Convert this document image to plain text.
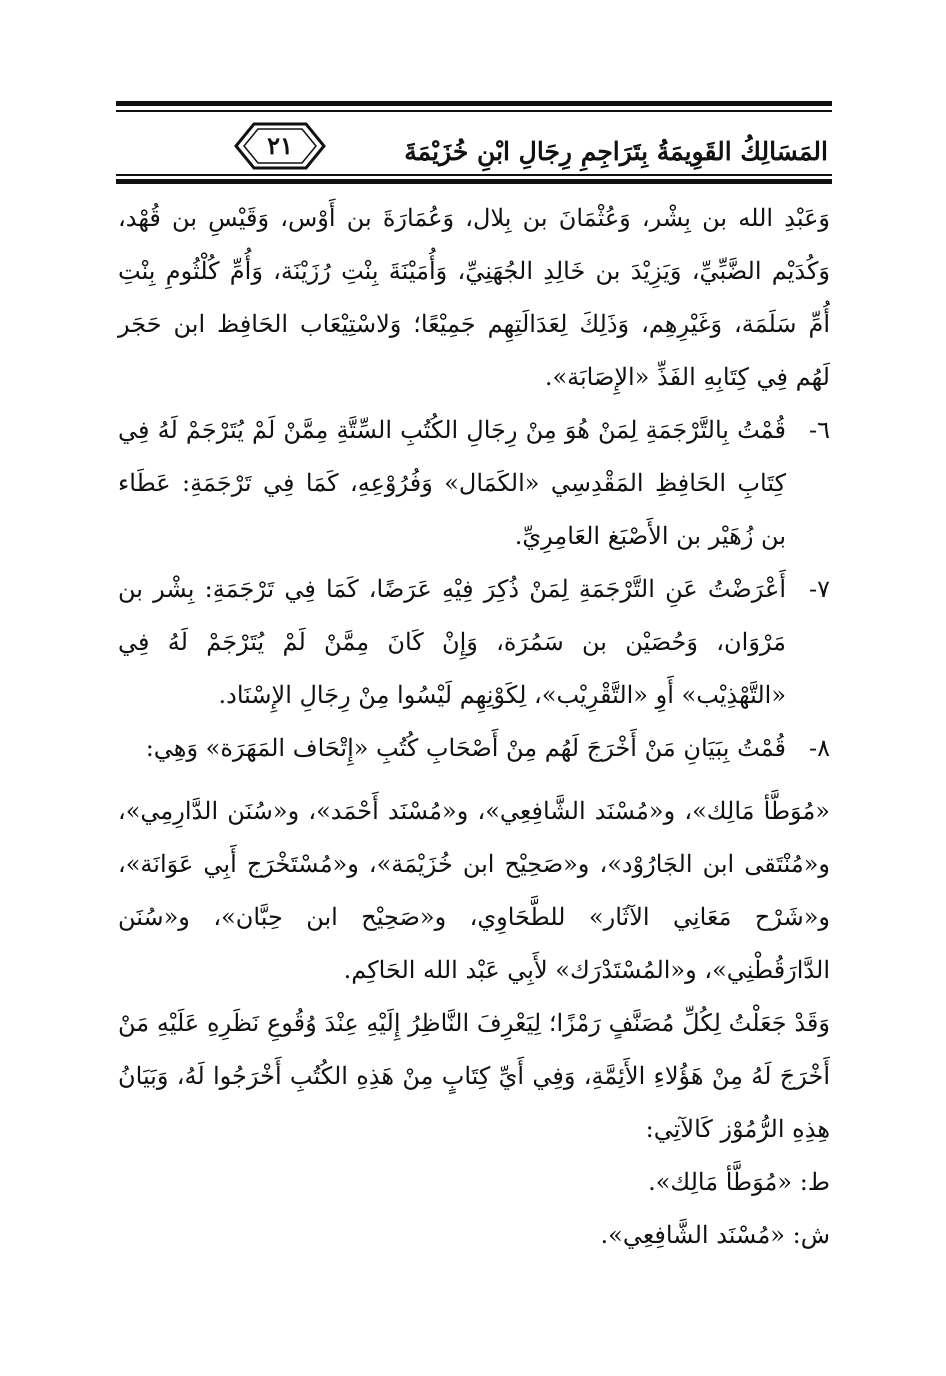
المَسَالِكُ القَوِيمَةُ بِتَرَاجِمِ رِجَالِ ابْنِ خُزَيْمَةَ
٢١

وَعَبْدِ الله بن بِشْر، وَعُثْمَانَ بن بِلال، وَعُمَارَةَ بن أَوْس، وَقَيْسِ بن قُهْد، وَكُدَيْم الضَّبِّيِّ، وَيَزِيْدَ بن خَالِدِ الجُهَنِيِّ، وَأُمَيْنَةَ بِنْتِ رُزَيْنَة، وَأُمِّ كُلْثُومِ بِنْتِ أُمِّ سَلَمَة، وَغَيْرِهِم، وَذَلِكَ لِعَدَالَتِهِم جَمِيْعًا؛ وَلاسْتِيْعَاب الحَافِظ ابن حَجَر لَهُم فِي كِتَابِهِ الفَذِّ «الإِصَابَة».

٦-
قُمْتُ بِالتَّرْجَمَةِ لِمَنْ هُوَ مِنْ رِجَالِ الكُتُبِ السِّتَّةِ مِمَّنْ لَمْ يُتَرْجَمْ لَهُ فِي كِتَابِ الحَافِظِ المَقْدِسِي «الكَمَال» وَفُرُوْعِهِ، كَمَا فِي تَرْجَمَةِ: عَطَاء بن زُهَيْر بن الأَصْبَغ العَامِرِيِّ.
٧-
أَعْرَضْتُ عَنِ التَّرْجَمَةِ لِمَنْ ذُكِرَ فِيْهِ عَرَضًا، كَمَا فِي تَرْجَمَةِ: بِشْر بن مَرْوَان، وَحُصَيْن بن سَمُرَة، وَإِنْ كَانَ مِمَّنْ لَمْ يُتَرْجَمْ لَهُ فِي «التَّهْذِيْب» أَوِ «التَّقْرِيْب»، لِكَوْنِهِم لَيْسُوا مِنْ رِجَالِ الإِسْنَاد.
٨-
قُمْتُ بِبَيَانِ مَنْ أَخْرَجَ لَهُم مِنْ أَصْحَابِ كُتُبِ «إِتْحَاف المَهَرَة» وَهِي:

«مُوَطَّأ مَالِك»، و«مُسْنَد الشَّافِعِي»، و«مُسْنَد أَحْمَد»، و«سُنَن الدَّارِمِي»، و«مُنْتَقى ابن الجَارُوْد»، و«صَحِيْح ابن خُزَيْمَة»، و«مُسْتَخْرَج أَبِي عَوَانَة»، و«شَرْح مَعَانِي الآثَار» للطَّحَاوِي، و«صَحِيْح ابن حِبَّان»، و«سُنَن الدَّارَقُطْنِي»، و«المُسْتَدْرَك» لأَبِي عَبْد الله الحَاكِم.

وَقَدْ جَعَلْتُ لِكُلِّ مُصَنَّفٍ رَمْزًا؛ لِيَعْرِفَ النَّاظِرُ إِلَيْهِ عِنْدَ وُقُوعِ نَظَرِهِ عَلَيْهِ مَنْ أَخْرَجَ لَهُ مِنْ هَؤُلاءِ الأَئِمَّةِ، وَفِي أَيِّ كِتَابٍ مِنْ هَذِهِ الكُتُبِ أَخْرَجُوا لَهُ، وَبَيَانُ هِذِهِ الرُّمُوْز كَالآتِي:

ط: «مُوَطَّأ مَالِك».

ش: «مُسْنَد الشَّافِعِي».
